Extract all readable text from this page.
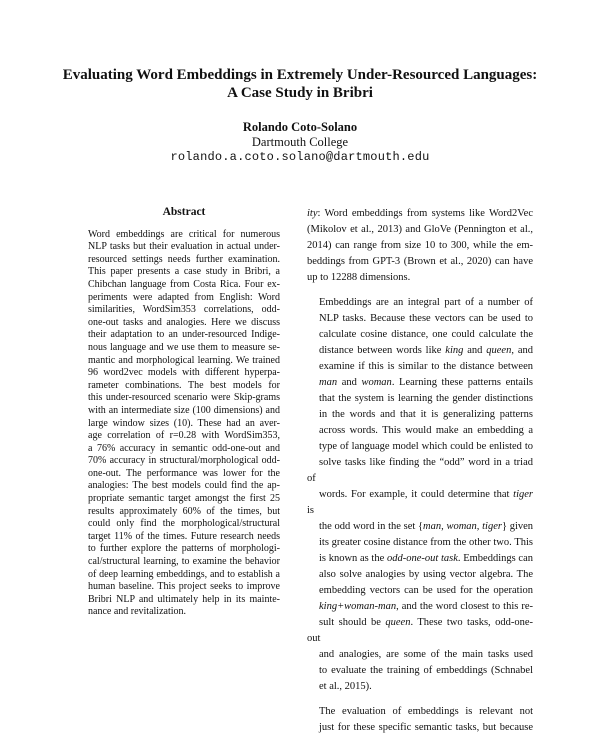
Evaluating Word Embeddings in Extremely Under-Resourced Languages:
A Case Study in Bribri
Rolando Coto-Solano
Dartmouth College
rolando.a.coto.solano@dartmouth.edu
Abstract
Word embeddings are critical for numerous
NLP tasks but their evaluation in actual under-
resourced settings needs further examination.
This paper presents a case study in Bribri, a
Chibchan language from Costa Rica. Four ex-
periments were adapted from English: Word
similarities, WordSim353 correlations, odd-
one-out tasks and analogies. Here we discuss
their adaptation to an under-resourced Indige-
nous language and we use them to measure se-
mantic and morphological learning. We trained
96 word2vec models with different hyperpa-
rameter combinations. The best models for
this under-resourced scenario were Skip-grams
with an intermediate size (100 dimensions) and
large window sizes (10). These had an aver-
age correlation of r=0.28 with WordSim353,
a 76% accuracy in semantic odd-one-out and
70% accuracy in structural/morphological odd-
one-out. The performance was lower for the
analogies: The best models could find the ap-
propriate semantic target amongst the first 25
results approximately 60% of the times, but
could only find the morphological/structural
target 11% of the times. Future research needs
to further explore the patterns of morphologi-
cal/structural learning, to examine the behavior
of deep learning embeddings, and to establish a
human baseline. This project seeks to improve
Bribri NLP and ultimately help in its mainte-
nance and revitalization.

ity: Word embeddings from systems like Word2Vec
(Mikolov et al., 2013) and GloVe (Pennington et al.,
2014) can range from size 10 to 300, while the em-
beddings from GPT-3 (Brown et al., 2020) can have
up to 12288 dimensions.

Embeddings are an integral part of a number of
NLP tasks. Because these vectors can be used to
calculate cosine distance, one could calculate the
distance between words like king and queen, and
examine if this is similar to the distance between
man and woman. Learning these patterns entails
that the system is learning the gender distinctions
in the words and that it is generalizing patterns
across words. This would make an embedding a
type of language model which could be enlisted to
solve tasks like finding the “odd” word in a triad of
words. For example, it could determine that tiger is
the odd word in the set {man, woman, tiger} given
its greater cosine distance from the other two. This
is known as the odd-one-out task. Embeddings can
also solve analogies by using vector algebra. The
embedding vectors can be used for the operation
king+woman-man, and the word closest to this re-
sult should be queen. These two tasks, odd-one-out
and analogies, are some of the main tasks used
to evaluate the training of embeddings (Schnabel
et al., 2015).

The evaluation of embeddings is relevant not
just for these specific semantic tasks, but because
